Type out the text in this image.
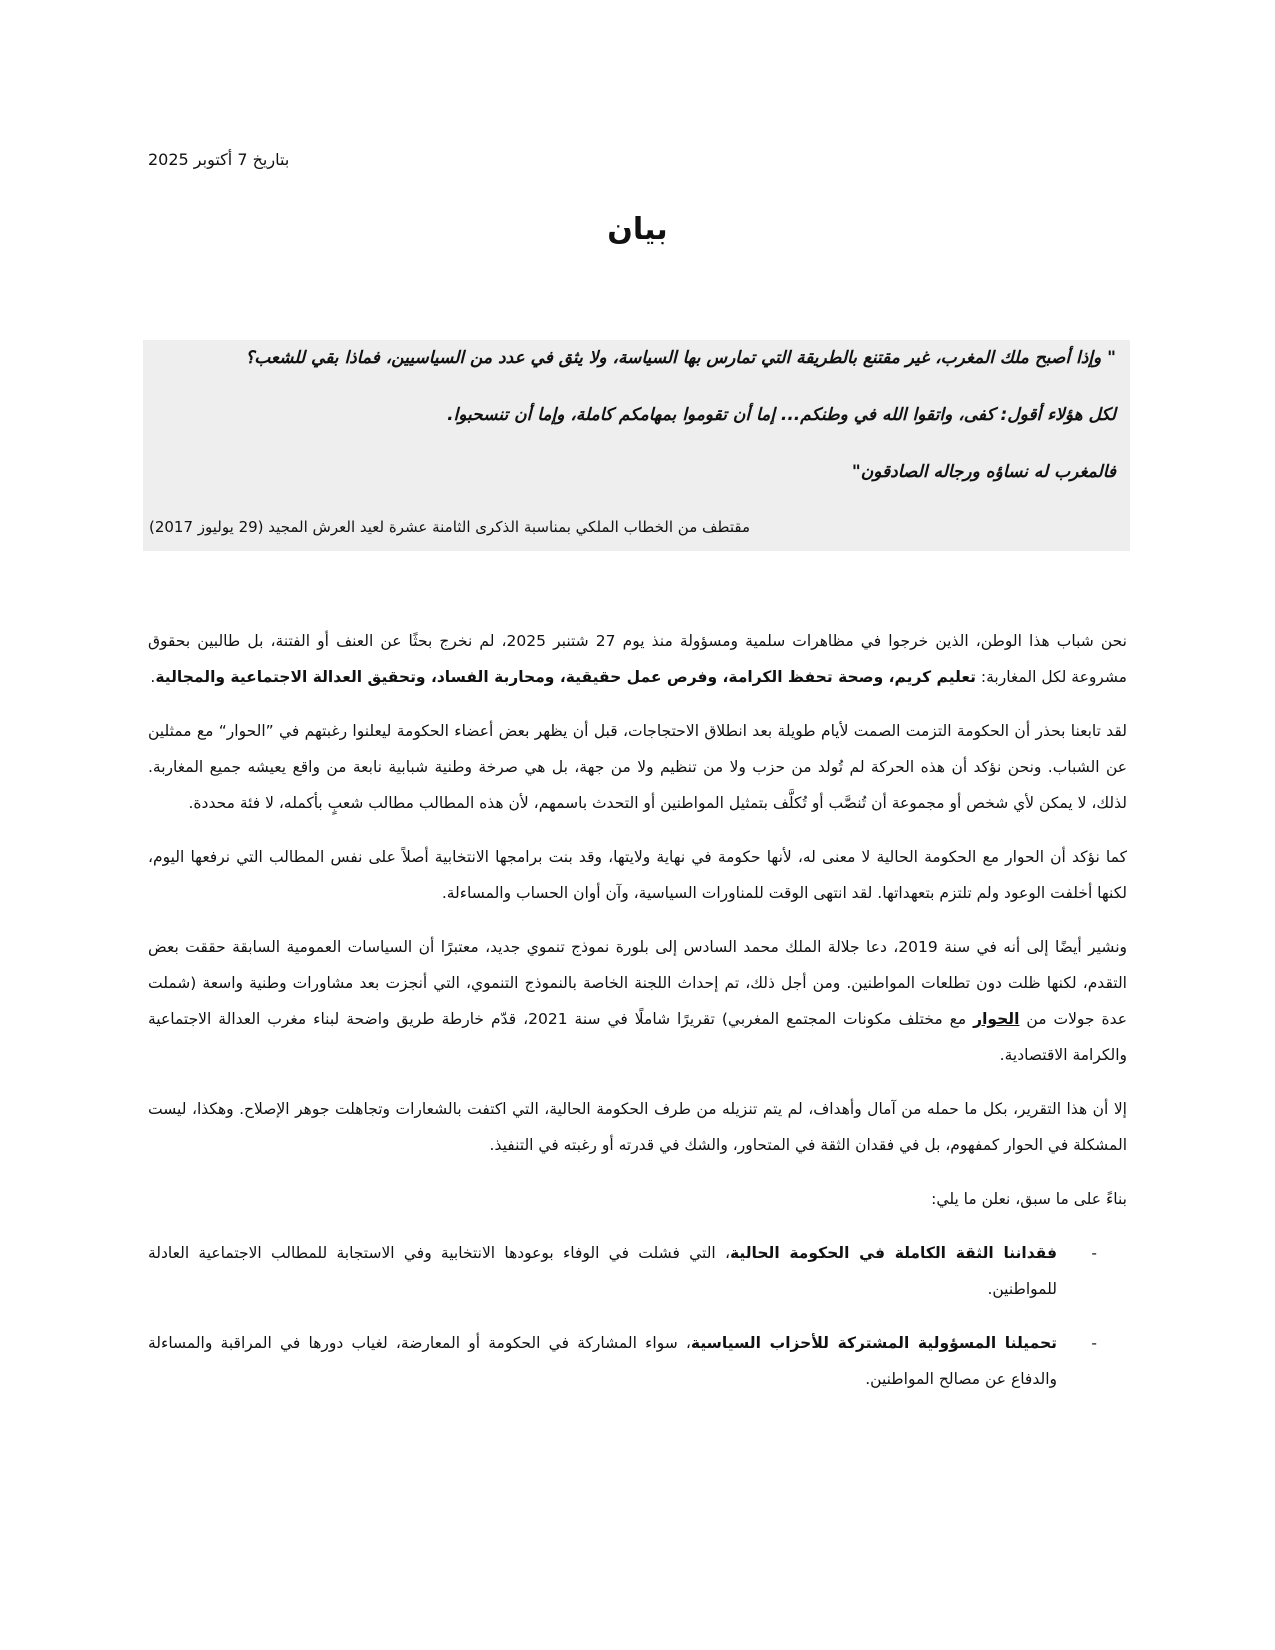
بتاريخ 7 أكتوبر 2025
بيان
" وإذا أصبح ملك المغرب، غير مقتنع بالطريقة التي تمارس بها السياسة، ولا يثق في عدد من السياسيين، فماذا بقي للشعب؟
لكل هؤلاء أقول: كفى، واتقوا الله في وطنكم... إما أن تقوموا بمهامكم كاملة، وإما أن تنسحبوا.
فالمغرب له نساؤه ورجاله الصادقون"
مقتطف من الخطاب الملكي بمناسبة الذكرى الثامنة عشرة لعيد العرش المجيد (29 يوليوز 2017)

نحن شباب هذا الوطن، الذين خرجوا في مظاهرات سلمية ومسؤولة منذ يوم 27 شتنبر 2025، لم نخرج بحثًا عن العنف أو الفتنة، بل طالبين بحقوق مشروعة لكل المغاربة: تعليم كريم، وصحة تحفظ الكرامة، وفرص عمل حقيقية، ومحاربة الفساد، وتحقيق العدالة الاجتماعية والمجالية.

لقد تابعنا بحذر أن الحكومة التزمت الصمت لأيام طويلة بعد انطلاق الاحتجاجات، قبل أن يظهر بعض أعضاء الحكومة ليعلنوا رغبتهم في ”الحوار“ مع ممثلين عن الشباب. ونحن نؤكد أن هذه الحركة لم تُولد من حزب ولا من تنظيم ولا من جهة، بل هي صرخة وطنية شبابية نابعة من واقع يعيشه جميع المغاربة. لذلك، لا يمكن لأي شخص أو مجموعة أن تُنصَّب أو تُكلَّف بتمثيل المواطنين أو التحدث باسمهم، لأن هذه المطالب مطالب شعبٍ بأكمله، لا فئة محددة.

كما نؤكد أن الحوار مع الحكومة الحالية لا معنى له، لأنها حكومة في نهاية ولايتها، وقد بنت برامجها الانتخابية أصلاً على نفس المطالب التي نرفعها اليوم، لكنها أخلفت الوعود ولم تلتزم بتعهداتها. لقد انتهى الوقت للمناورات السياسية، وآن أوان الحساب والمساءلة.

ونشير أيضًا إلى أنه في سنة 2019، دعا جلالة الملك محمد السادس إلى بلورة نموذج تنموي جديد، معتبرًا أن السياسات العمومية السابقة حققت بعض التقدم، لكنها ظلت دون تطلعات المواطنين. ومن أجل ذلك، تم إحداث اللجنة الخاصة بالنموذج التنموي، التي أنجزت بعد مشاورات وطنية واسعة (شملت عدة جولات من الحوار مع مختلف مكونات المجتمع المغربي) تقريرًا شاملًا في سنة 2021، قدّم خارطة طريق واضحة لبناء مغرب العدالة الاجتماعية والكرامة الاقتصادية.

إلا أن هذا التقرير، بكل ما حمله من آمال وأهداف، لم يتم تنزيله من طرف الحكومة الحالية، التي اكتفت بالشعارات وتجاهلت جوهر الإصلاح. وهكذا، ليست المشكلة في الحوار كمفهوم، بل في فقدان الثقة في المتحاور، والشك في قدرته أو رغبته في التنفيذ.

بناءً على ما سبق، نعلن ما يلي:

-
فقداننا الثقة الكاملة في الحكومة الحالية، التي فشلت في الوفاء بوعودها الانتخابية وفي الاستجابة للمطالب الاجتماعية العادلة للمواطنين.
-
تحميلنا المسؤولية المشتركة للأحزاب السياسية، سواء المشاركة في الحكومة أو المعارضة، لغياب دورها في المراقبة والمساءلة والدفاع عن مصالح المواطنين.
